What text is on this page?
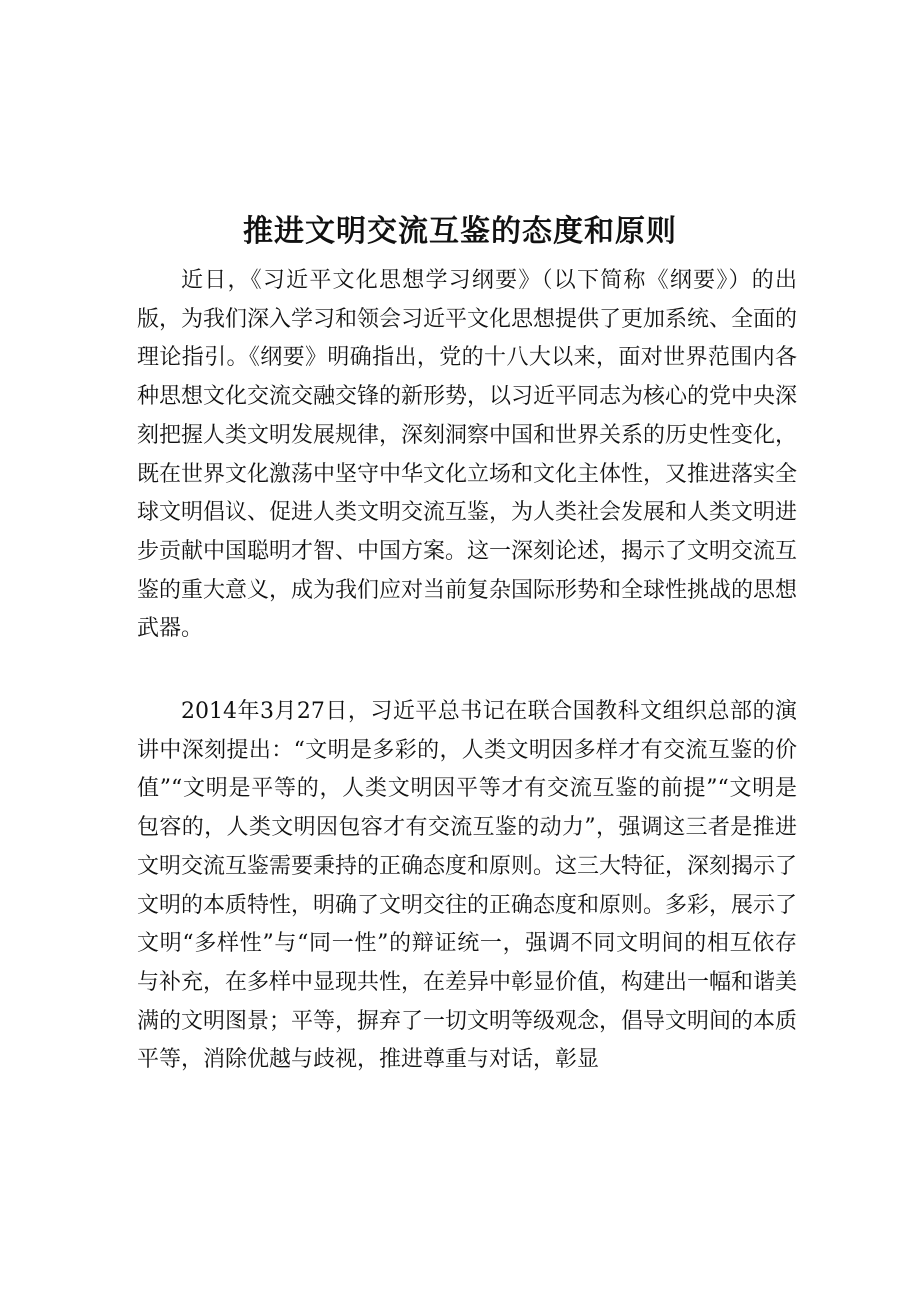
推进文明交流互鉴的态度和原则

近日，《习近平文化思想学习纲要》（以下简称《纲要》）的出版，为我们深入学习和领会习近平文化思想提供了更加系统、全面的理论指引。《纲要》明确指出，党的十八大以来，面对世界范围内各种思想文化交流交融交锋的新形势，以习近平同志为核心的党中央深刻把握人类文明发展规律，深刻洞察中国和世界关系的历史性变化，既在世界文化激荡中坚守中华文化立场和文化主体性，又推进落实全球文明倡议、促进人类文明交流互鉴，为人类社会发展和人类文明进步贡献中国聪明才智、中国方案。这一深刻论述，揭示了文明交流互鉴的重大意义，成为我们应对当前复杂国际形势和全球性挑战的思想武器。

2014年3月27日，习近平总书记在联合国教科文组织总部的演讲中深刻提出：“文明是多彩的，人类文明因多样才有交流互鉴的价值”“文明是平等的，人类文明因平等才有交流互鉴的前提”“文明是包容的，人类文明因包容才有交流互鉴的动力”，强调这三者是推进文明交流互鉴需要秉持的正确态度和原则。这三大特征，深刻揭示了文明的本质特性，明确了文明交往的正确态度和原则。多彩，展示了文明“多样性”与“同一性”的辩证统一，强调不同文明间的相互依存与补充，在多样中显现共性，在差异中彰显价值，构建出一幅和谐美满的文明图景；平等，摒弃了一切文明等级观念，倡导文明间的本质平等，消除优越与歧视，推进尊重与对话，彰显
